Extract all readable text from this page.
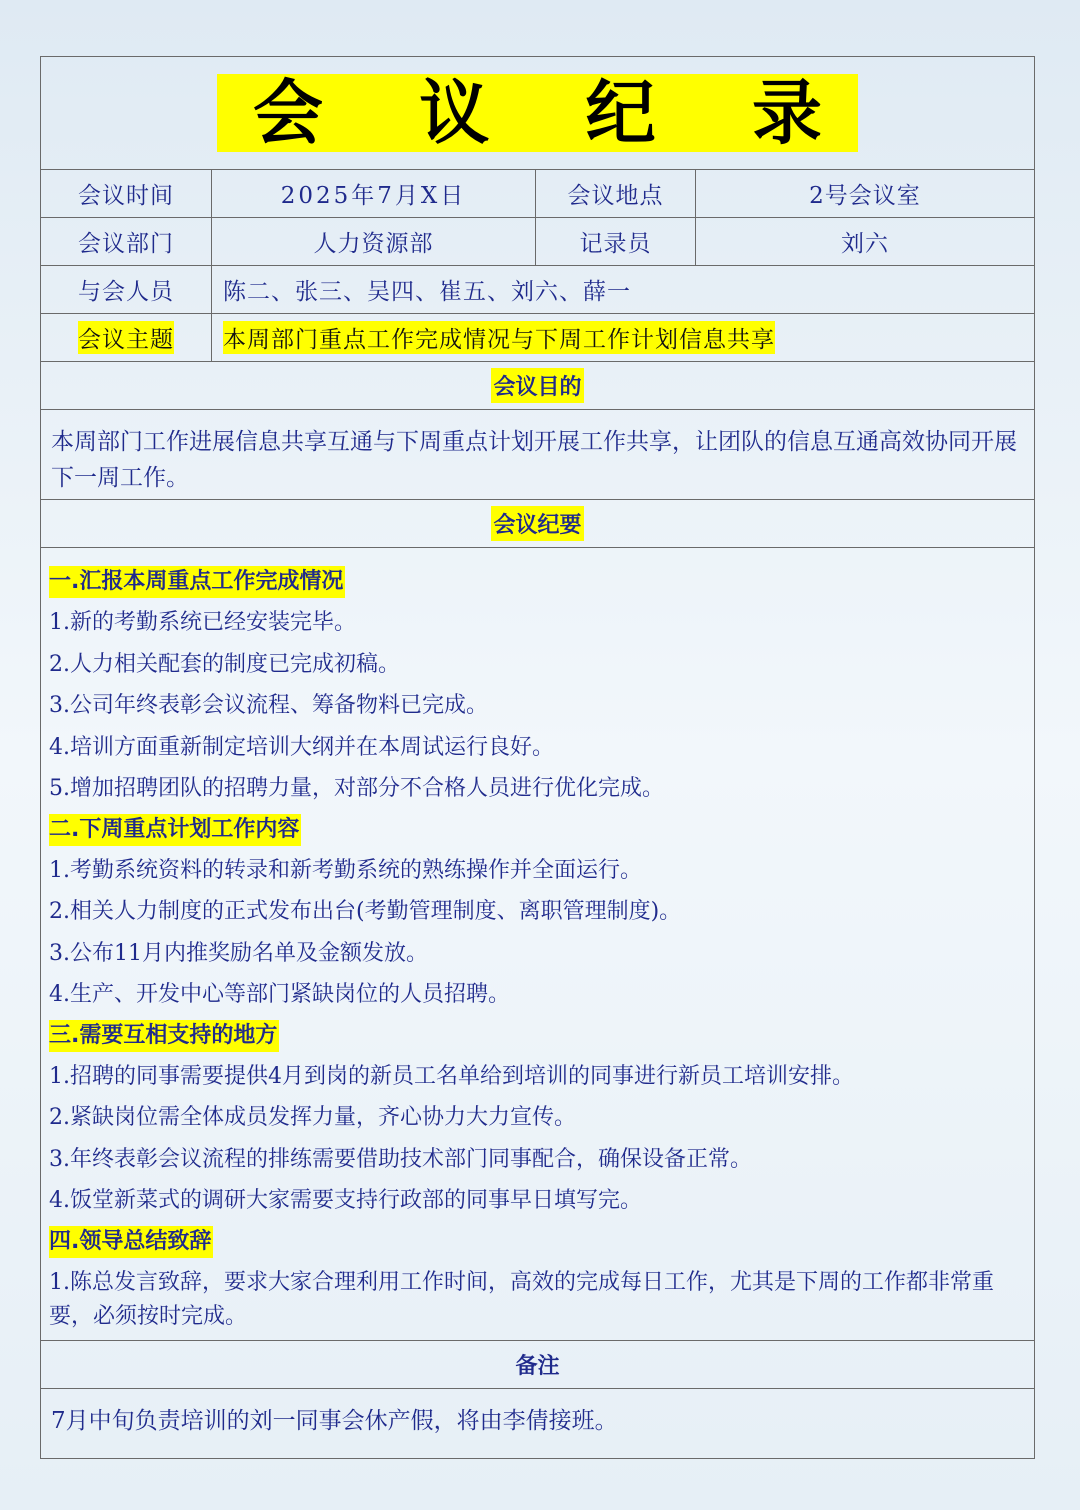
会 议 纪 录
会议时间	2025年7月X日	会议地点	2号会议室
会议部门	人力资源部	记录员	刘六
与会人员	陈二、张三、吴四、崔五、刘六、薛一
会议主题 本周部门重点工作完成情况与下周工作计划信息共享
会议目的
本周部门工作进展信息共享互通与下周重点计划开展工作共享，让团队的信息互通高效协同开展下一周工作。
会议纪要
一.汇报本周重点工作完成情况
1.新的考勤系统已经安装完毕。
2.人力相关配套的制度已完成初稿。
3.公司年终表彰会议流程、筹备物料已完成。
4.培训方面重新制定培训大纲并在本周试运行良好。
5.增加招聘团队的招聘力量，对部分不合格人员进行优化完成。
二.下周重点计划工作内容
1.考勤系统资料的转录和新考勤系统的熟练操作并全面运行。
2.相关人力制度的正式发布出台(考勤管理制度、离职管理制度)。
3.公布11月内推奖励名单及金额发放。
4.生产、开发中心等部门紧缺岗位的人员招聘。
三.需要互相支持的地方
1.招聘的同事需要提供4月到岗的新员工名单给到培训的同事进行新员工培训安排。
2.紧缺岗位需全体成员发挥力量，齐心协力大力宣传。
3.年终表彰会议流程的排练需要借助技术部门同事配合，确保设备正常。
4.饭堂新菜式的调研大家需要支持行政部的同事早日填写完。
四.领导总结致辞
1.陈总发言致辞，要求大家合理利用工作时间，高效的完成每日工作，尤其是下周的工作都非常重要，必须按时完成。
备注
7月中旬负责培训的刘一同事会休产假，将由李倩接班。
